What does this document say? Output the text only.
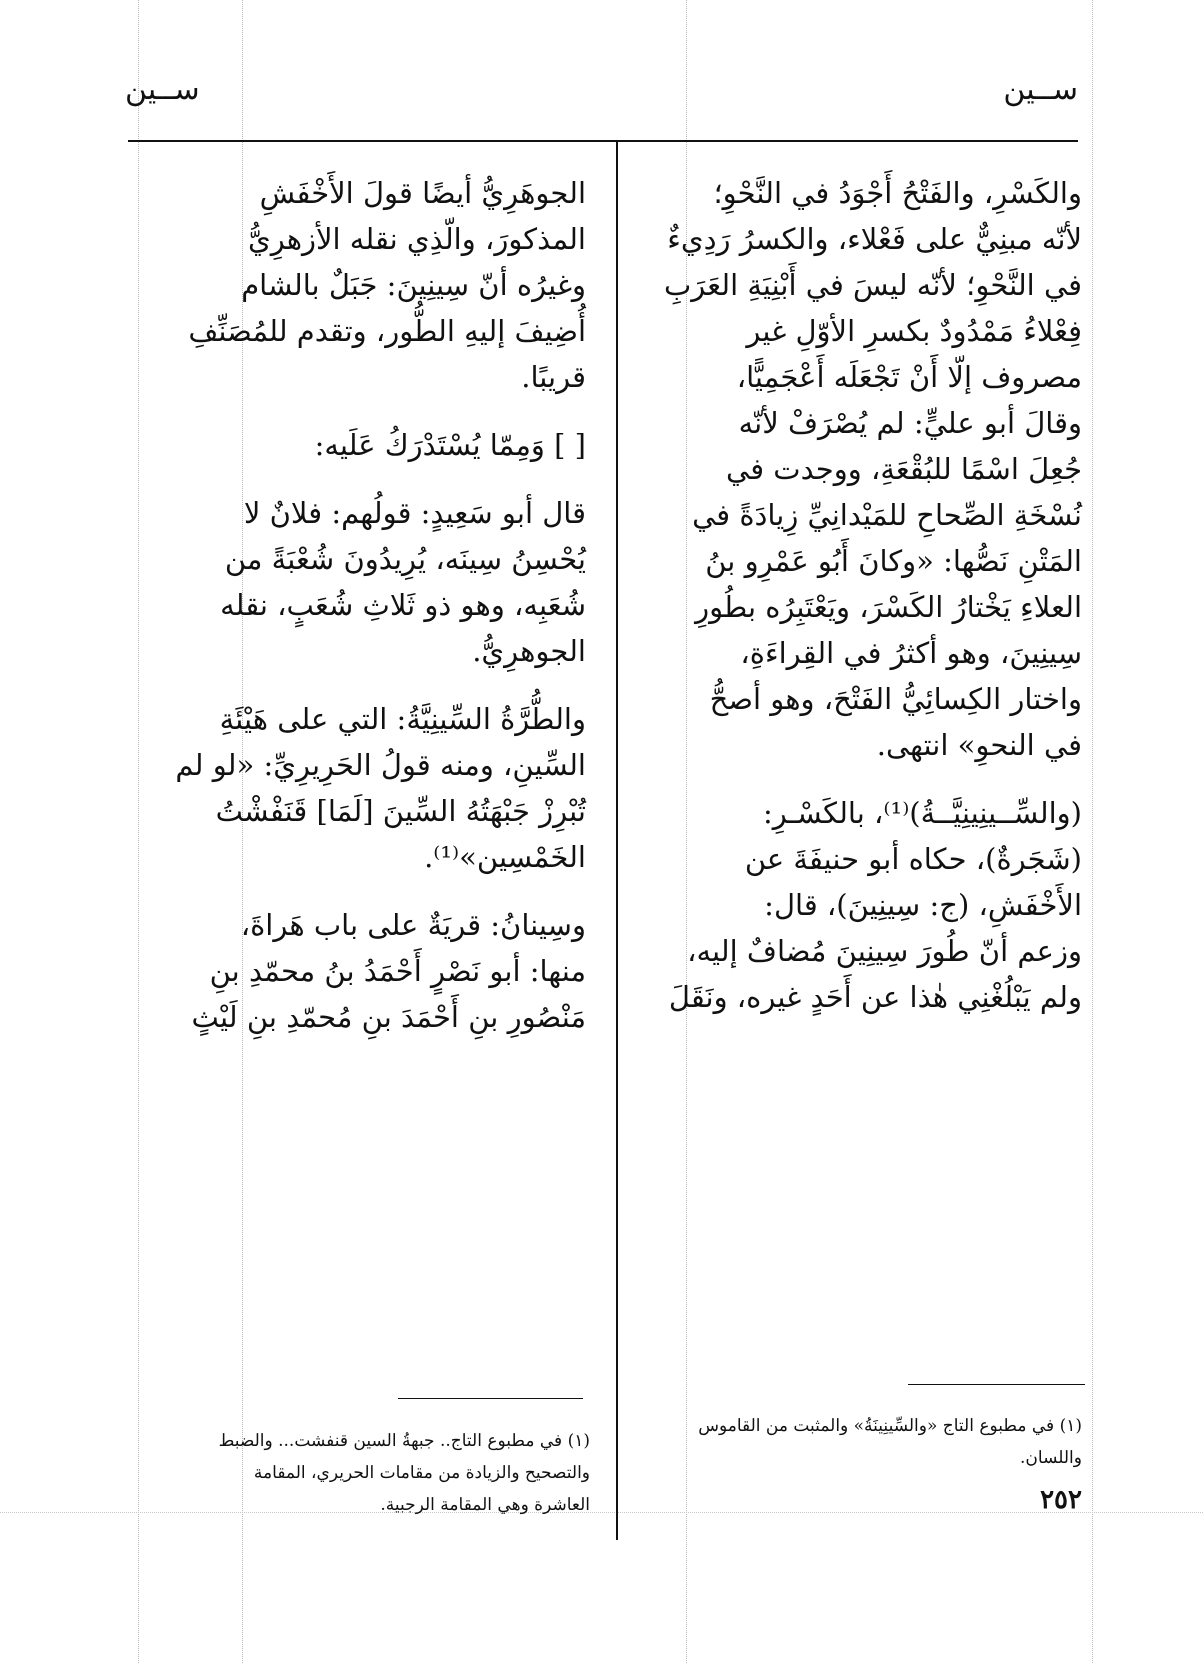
ســين
ســين
والكَسْرِ، والفَتْحُ أَجْوَدُ في النَّحْوِ؛
لأنّه مبنِيٌّ على فَعْلاء، والكسرُ رَدِيءٌ
في النَّحْوِ؛ لأنّه ليسَ في أَبْنِيَةِ العَرَبِ
فِعْلاءُ مَمْدُودٌ بكسرِ الأوّلِ غير
مصروف إلّا أَنْ تَجْعَلَه أَعْجَمِيًّا،
وقالَ أبو عليٍّ: لم يُصْرَفْ لأنّه
جُعِلَ اسْمًا للبُقْعَةِ، ووجدت في
نُسْخَةِ الصِّحاحِ للمَيْدانِيِّ زِيادَةً في
المَتْنِ نَصُّها: «وكانَ أَبُو عَمْرِو بنُ
العلاءِ يَخْتارُ الكَسْرَ، ويَعْتَبِرُه بطُورِ
سِينِينَ، وهو أكثرُ في القِراءَةِ،
واختار الكِسائِيُّ الفَتْحَ، وهو أصحُّ
في النحوِ» انتهى.
(والسِّــينِينِيَّــةُ)⁽¹⁾، بالكَسْـرِ:
(شَجَرةٌ)، حكاه أبو حنيفَةَ عن
الأَخْفَشِ، (ج: سِينِينَ)، قال:
وزعم أنّ طُورَ سِينِينَ مُضافٌ إليه،
ولم يَبْلُغْنِي هٰذا عن أَحَدٍ غيره، ونَقَلَ
الجوهَرِيُّ أيضًا قولَ الأَخْفَشِ
المذكورَ، والّذِي نقله الأزهرِيُّ
وغيرُه أنّ سِينِينَ: جَبَلٌ بالشام
أُضِيفَ إليهِ الطُّور، وتقدم للمُصَنِّفِ
قريبًا.
[ ] وَمِمّا يُسْتَدْرَكُ عَلَيه:
قال أبو سَعِيدٍ: قولُهم: فلانٌ لا
يُحْسِنُ سِينَه، يُرِيدُونَ شُعْبَةً من
شُعَبِه، وهو ذو ثَلاثِ شُعَبٍ، نقله
الجوهرِيُّ.
والطُّرَّةُ السِّينِيَّةُ: التي على هَيْئَةِ
السِّينِ، ومنه قولُ الحَرِيرِيِّ: «لو لم
تُبْرِزْ جَبْهَتُهُ السِّينَ [لَمَا] قَنَفْشْتُ
الخَمْسِين»⁽¹⁾.
وسِينانُ: قريَةٌ على باب هَراةَ،
منها: أبو نَصْرٍ أَحْمَدُ بنُ محمّدِ بنِ
مَنْصُورِ بنِ أَحْمَدَ بنِ مُحمّدِ بنِ لَيْثٍ
(١) في مطبوع التاج «والسِّينِينَةُ» والمثبت من القاموس
واللسان.
(١) في مطبوع التاج.. جبهةُ السين قنفشت... والضبط
والتصحيح والزيادة من مقامات الحريري، المقامة
العاشرة وهي المقامة الرجبية.	٢٥٢
